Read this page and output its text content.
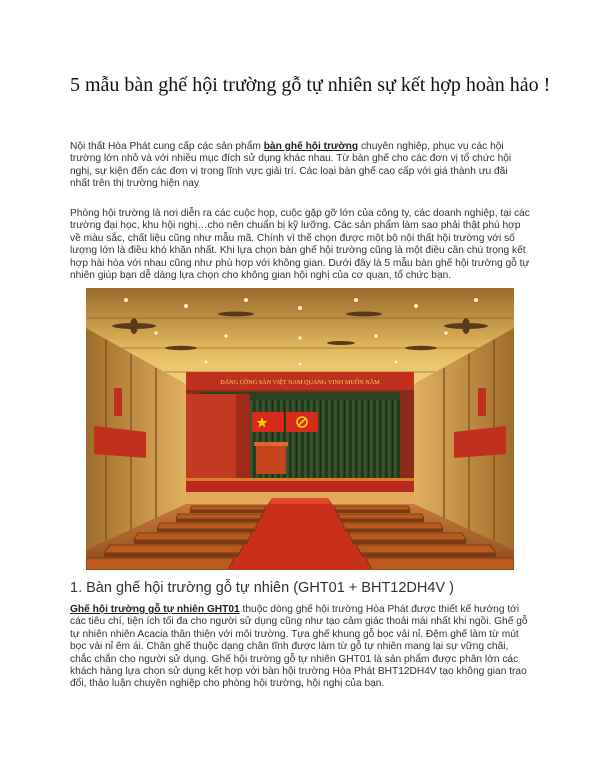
5 mẫu bàn ghế hội trường gỗ tự nhiên sự kết hợp hoàn hảo !

Nội thất Hòa Phát cung cấp các sản phẩm bàn ghế hội trường chuyên nghiệp, phục vụ các hội trường lớn nhỏ và với nhiều mục đích sử dụng khác nhau. Từ bàn ghế cho các đơn vị tổ chức hội nghị, sự kiện đến các đơn vị trong lĩnh vực giải trí. Các loại bàn ghế cao cấp với giá thành ưu đãi nhất trên thị trường hiện nay

Phòng hội trường là nơi diễn ra các cuộc họp, cuộc gặp gỡ lớn của công ty, các doanh nghiệp, tại các trường đại học, khu hội nghị…cho nên chuẩn bị kỹ lưỡng. Các sản phẩm làm sao phải thật phù hợp về màu sắc, chất liệu cũng như mẫu mã. Chính vì thế chọn được một bộ nội thất hội trường với số lượng lớn là điều khó khăn nhất. Khi lựa chọn bàn ghế hội trường cũng là một điều cần chú trọng kết hợp hài hòa với nhau cũng như phù hợp với không gian. Dưới đây là 5 mẫu bàn ghế hội trường gỗ tự nhiên giúp bạn dễ dàng lựa chọn cho không gian hội nghị của cơ quan, tổ chức bạn.

ĐẢNG CỘNG SẢN VIỆT NAM QUANG VINH MUÔN NĂM
1. Bàn ghế hội trường gỗ tự nhiên (GHT01 + BHT12DH4V )

Ghế hội trường gỗ tự nhiên GHT01 thuộc dòng ghế hội trường Hòa Phát được thiết kế hướng tới các tiêu chí, tiện ích tối đa cho người sử dụng cũng như tạo cảm giác thoải mái nhất khi ngồi. Ghế gỗ tự nhiên nhiên Acacia thân thiện với môi trường. Tựa ghế khung gỗ bọc vải nỉ. Đệm ghế làm từ mút bọc vải nỉ êm ái. Chân ghế thuộc dạng chân tĩnh được làm từ gỗ tự nhiên mang lại sự vững chãi, chắc chắn cho người sử dụng. Ghế hội trường gỗ tự nhiên GHT01 là sản phẩm được phân lớn các khách hàng lựa chọn sử dụng kết hợp với bàn hội trường Hòa Phát BHT12DH4V tạo không gian trao đổi, thảo luận chuyên nghiệp cho phòng hội trường, hội nghị của bạn.
